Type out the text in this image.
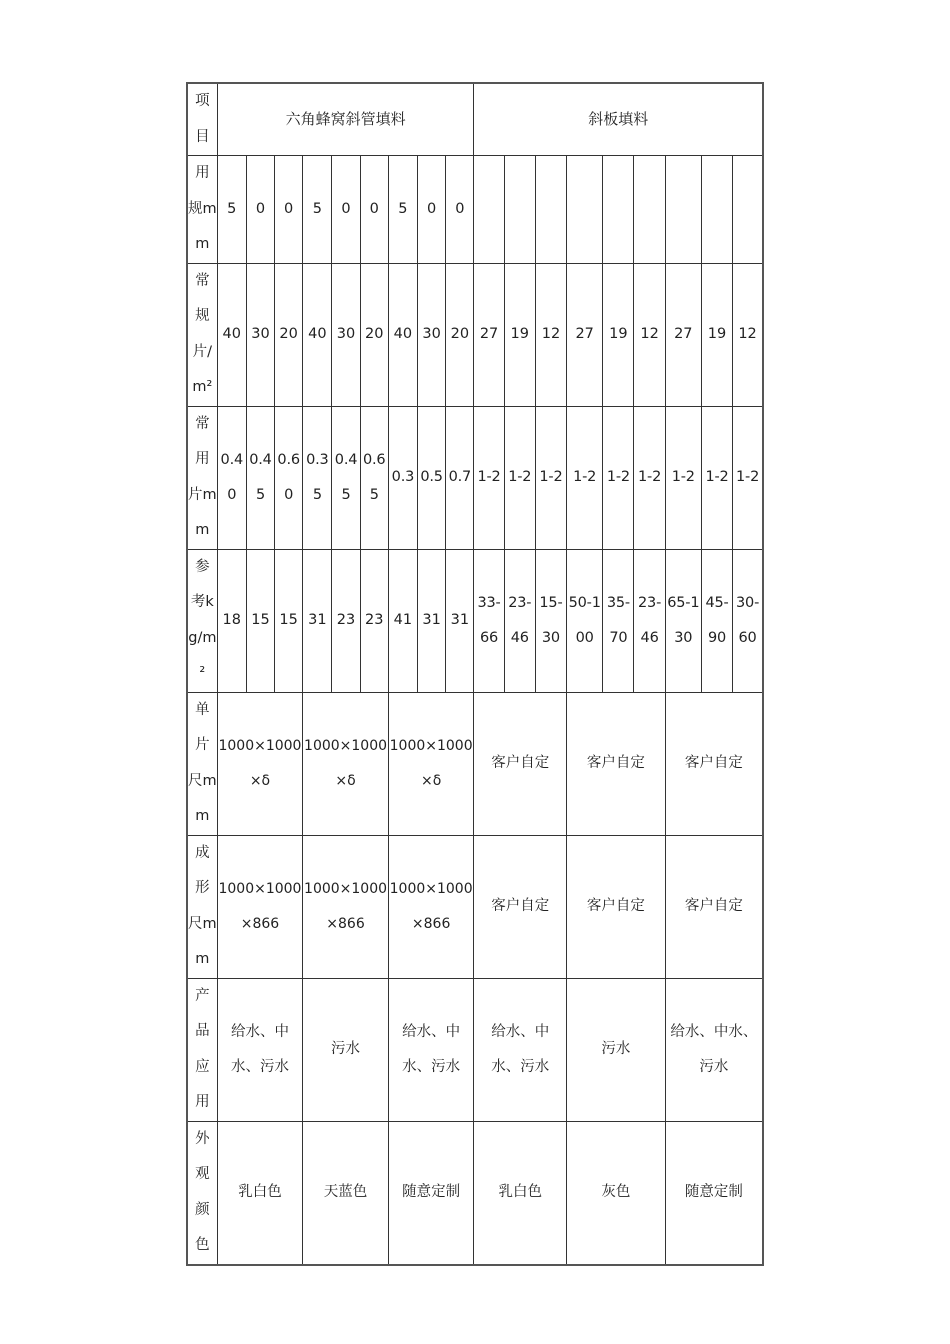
项目	六角蜂窝斜管填料									斜板填料								
用规mm	5	0	0	5	0	0	5	0	0									
常规片/m²	40	30	20	40	30	20	40	30	20	27	19	12	27	19	12	27	19	12
常用片mm	0.40	0.45	0.60	0.35	0.45	0.65	0.3	0.5	0.7	1-2	1-2	1-2	1-2	1-2	1-2	1-2	1-2	1-2
参考kg/m²	18	15	15	31	23	23	41	31	31	33-66	23-46	15-30	50-100	35-70	23-46	65-130	45-90	30-60
单片尺mm	1000×1000×δ			1000×1000×δ			1000×1000×δ			客户自定			客户自定			客户自定		
成形尺mm	1000×1000×866			1000×1000×866			1000×1000×866			客户自定			客户自定			客户自定		
产品应用	给水、中水、污水			污水			给水、中水、污水			给水、中水、污水			污水			给水、中水、污水		
外观颜色	乳白色			天蓝色			随意定制			乳白色			灰色			随意定制		
